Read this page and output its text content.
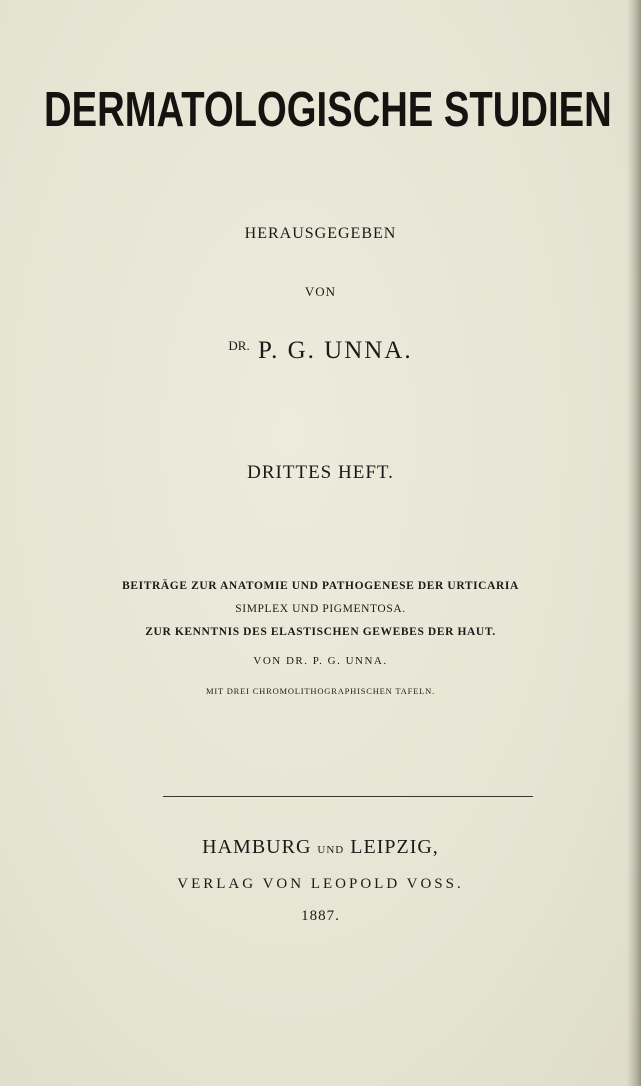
DERMATOLOGISCHE STUDIEN
HERAUSGEGEBEN
VON
$^{DR.}$ P. G. UNNA.
DRITTES HEFT.
BEITRÄGE ZUR ANATOMIE UND PATHOGENESE DER URTICARIA
SIMPLEX UND PIGMENTOSA.
ZUR KENNTNIS DES ELASTISCHEN GEWEBES DER HAUT.
VON DR. P. G. UNNA.
MIT DREI CHROMOLITHOGRAPHISCHEN TAFELN.
HAMBURG UND LEIPZIG,
VERLAG VON LEOPOLD VOSS.
1887.
